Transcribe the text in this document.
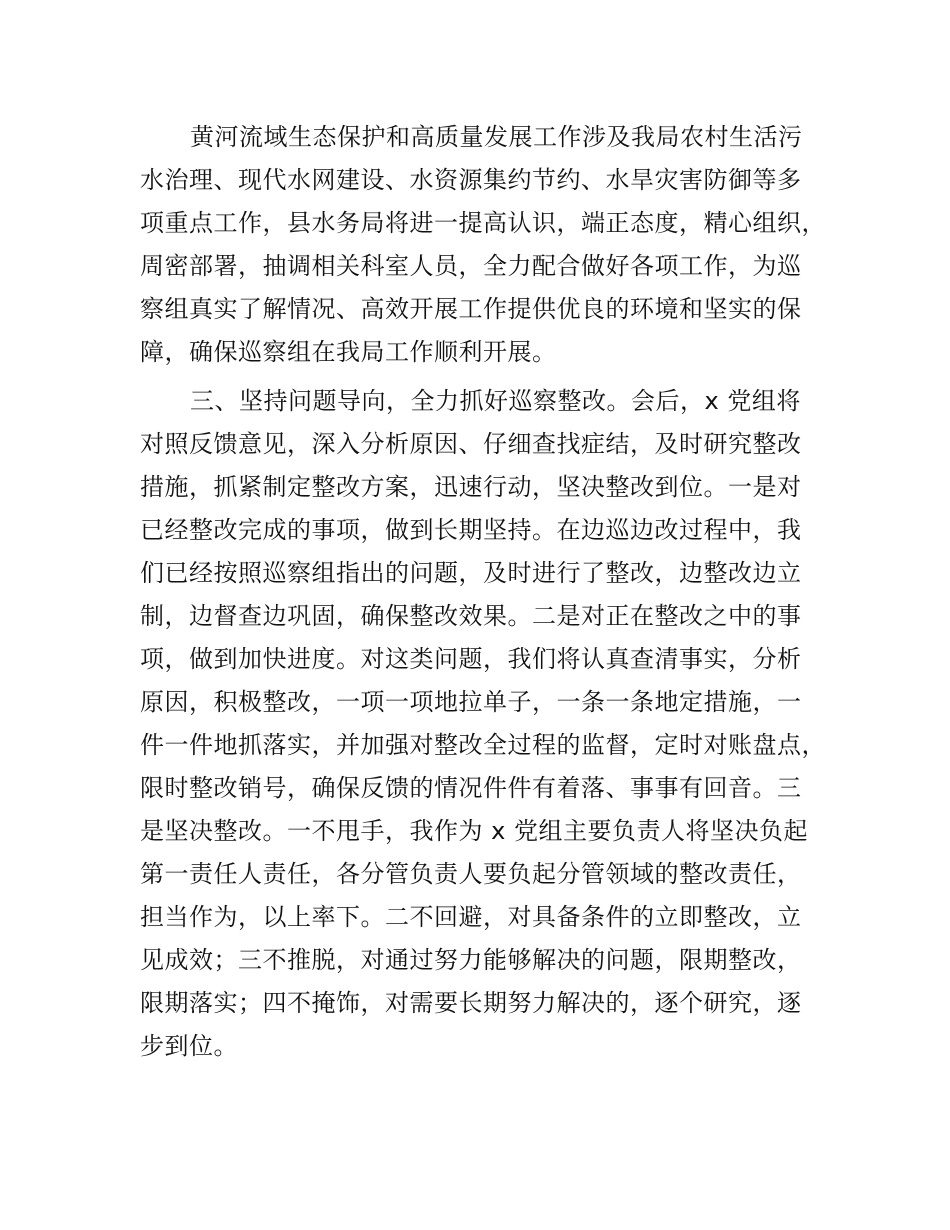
黄河流域生态保护和高质量发展工作涉及我局农村生活污
水治理、现代水网建设、水资源集约节约、水旱灾害防御等多
项重点工作，县水务局将进一提高认识，端正态度，精心组织，
周密部署，抽调相关科室人员，全力配合做好各项工作，为巡
察组真实了解情况、高效开展工作提供优良的环境和坚实的保
障，确保巡察组在我局工作顺利开展。
三、坚持问题导向，全力抓好巡察整改。会后，x 党组将
对照反馈意见，深入分析原因、仔细查找症结，及时研究整改
措施，抓紧制定整改方案，迅速行动，坚决整改到位。一是对
已经整改完成的事项，做到长期坚持。在边巡边改过程中，我
们已经按照巡察组指出的问题，及时进行了整改，边整改边立
制，边督查边巩固，确保整改效果。二是对正在整改之中的事
项，做到加快进度。对这类问题，我们将认真查清事实，分析
原因，积极整改，一项一项地拉单子，一条一条地定措施，一
件一件地抓落实，并加强对整改全过程的监督，定时对账盘点，
限时整改销号，确保反馈的情况件件有着落、事事有回音。三
是坚决整改。一不甩手，我作为 x 党组主要负责人将坚决负起
第一责任人责任，各分管负责人要负起分管领域的整改责任，
担当作为，以上率下。二不回避，对具备条件的立即整改，立
见成效；三不推脱，对通过努力能够解决的问题，限期整改，
限期落实；四不掩饰，对需要长期努力解决的，逐个研究，逐
步到位。
